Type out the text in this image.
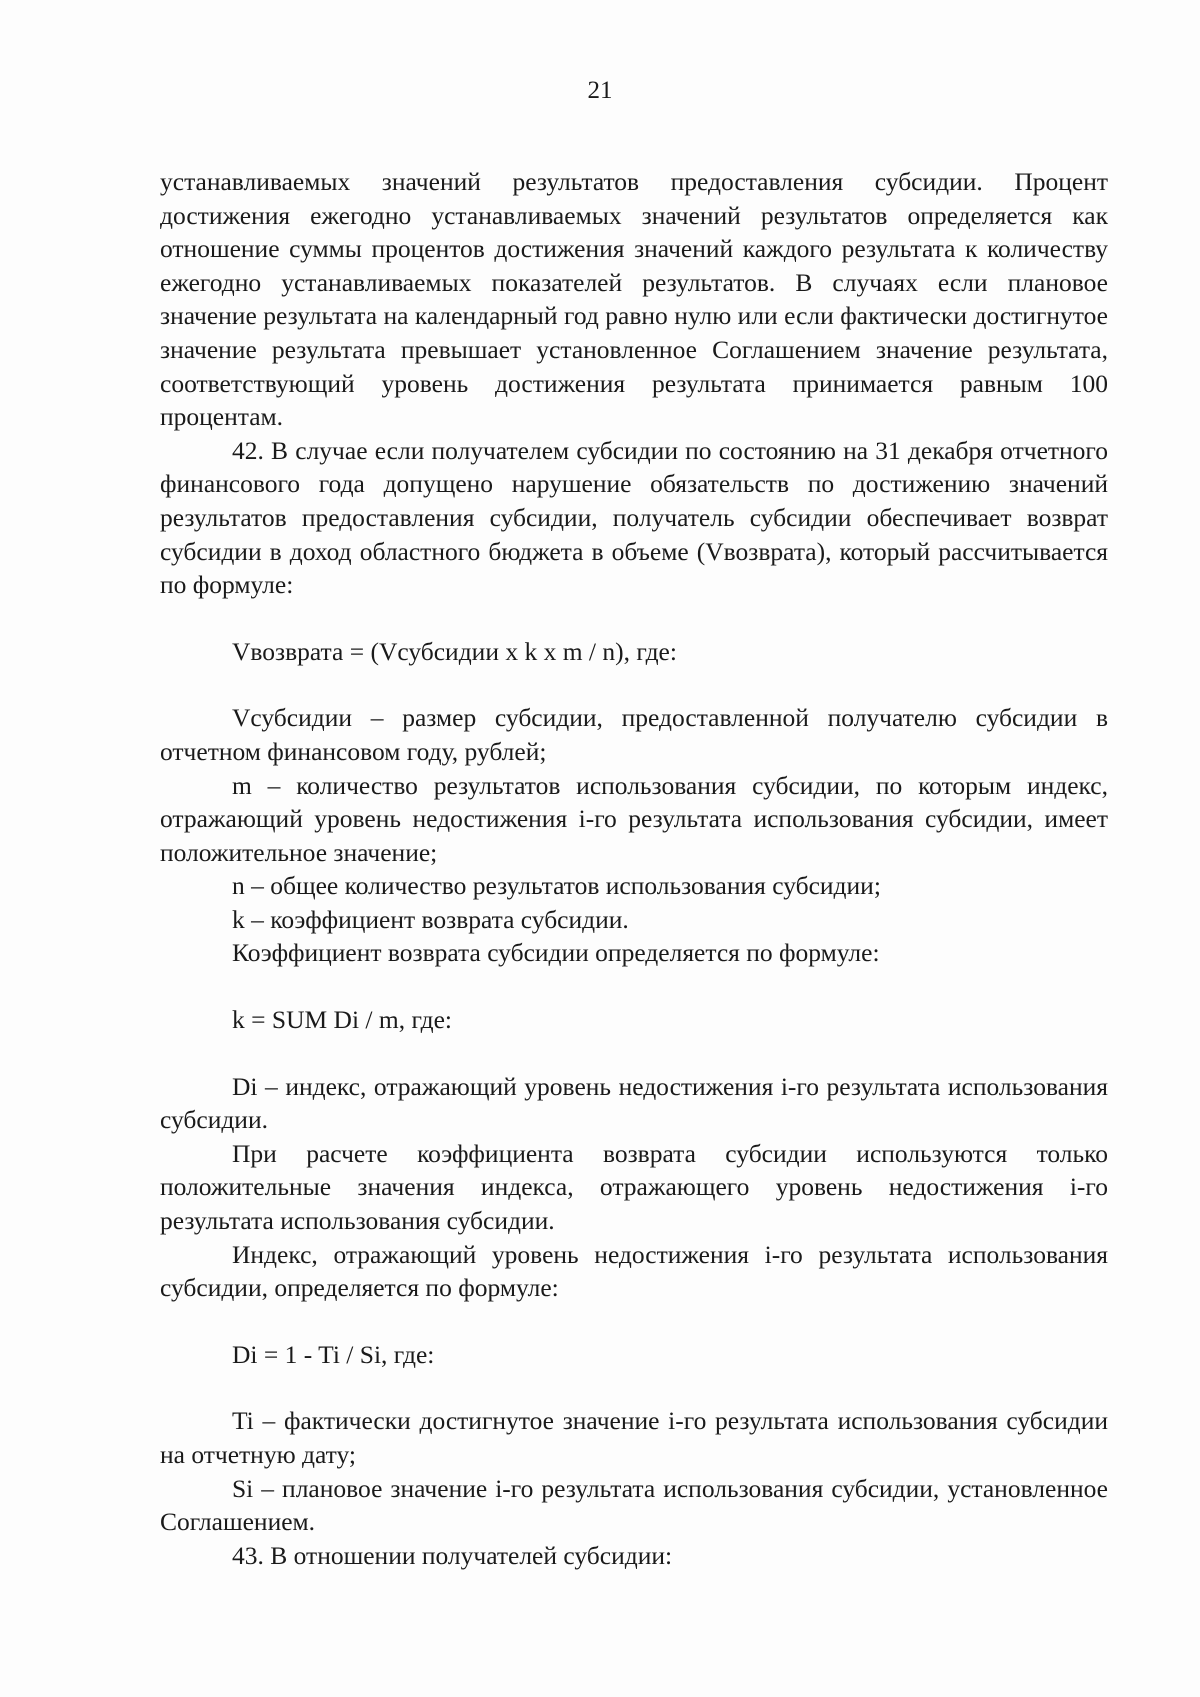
21

устанавливаемых значений результатов предоставления субсидии. Процент достижения ежегодно устанавливаемых значений результатов определяется как отношение суммы процентов достижения значений каждого результата к количеству ежегодно устанавливаемых показателей результатов. В случаях если плановое значение результата на календарный год равно нулю или если фактически достигнутое значение результата превышает установленное Соглашением значение результата, соответствующий уровень достижения результата принимается равным 100 процентам.

42. В случае если получателем субсидии по состоянию на 31 декабря отчетного финансового года допущено нарушение обязательств по достижению значений результатов предоставления субсидии, получатель субсидии обеспечивает возврат субсидии в доход областного бюджета в объеме (Vвозврата), который рассчитывается по формуле:

Vвозврата = (Vсубсидии x k x m / n), где:

Vсубсидии – размер субсидии, предоставленной получателю субсидии в отчетном финансовом году, рублей;

m – количество результатов использования субсидии, по которым индекс, отражающий уровень недостижения i-го результата использования субсидии, имеет положительное значение;

n – общее количество результатов использования субсидии;

k – коэффициент возврата субсидии.

Коэффициент возврата субсидии определяется по формуле:

k = SUM Di / m, где:

Di – индекс, отражающий уровень недостижения i-го результата использования субсидии.

При расчете коэффициента возврата субсидии используются только положительные значения индекса, отражающего уровень недостижения i-го результата использования субсидии.

Индекс, отражающий уровень недостижения i-го результата использования субсидии, определяется по формуле:

Di = 1 - Ti / Si, где:

Ti – фактически достигнутое значение i-го результата использования субсидии на отчетную дату;

Si – плановое значение i-го результата использования субсидии, установленное Соглашением.

43. В отношении получателей субсидии:
